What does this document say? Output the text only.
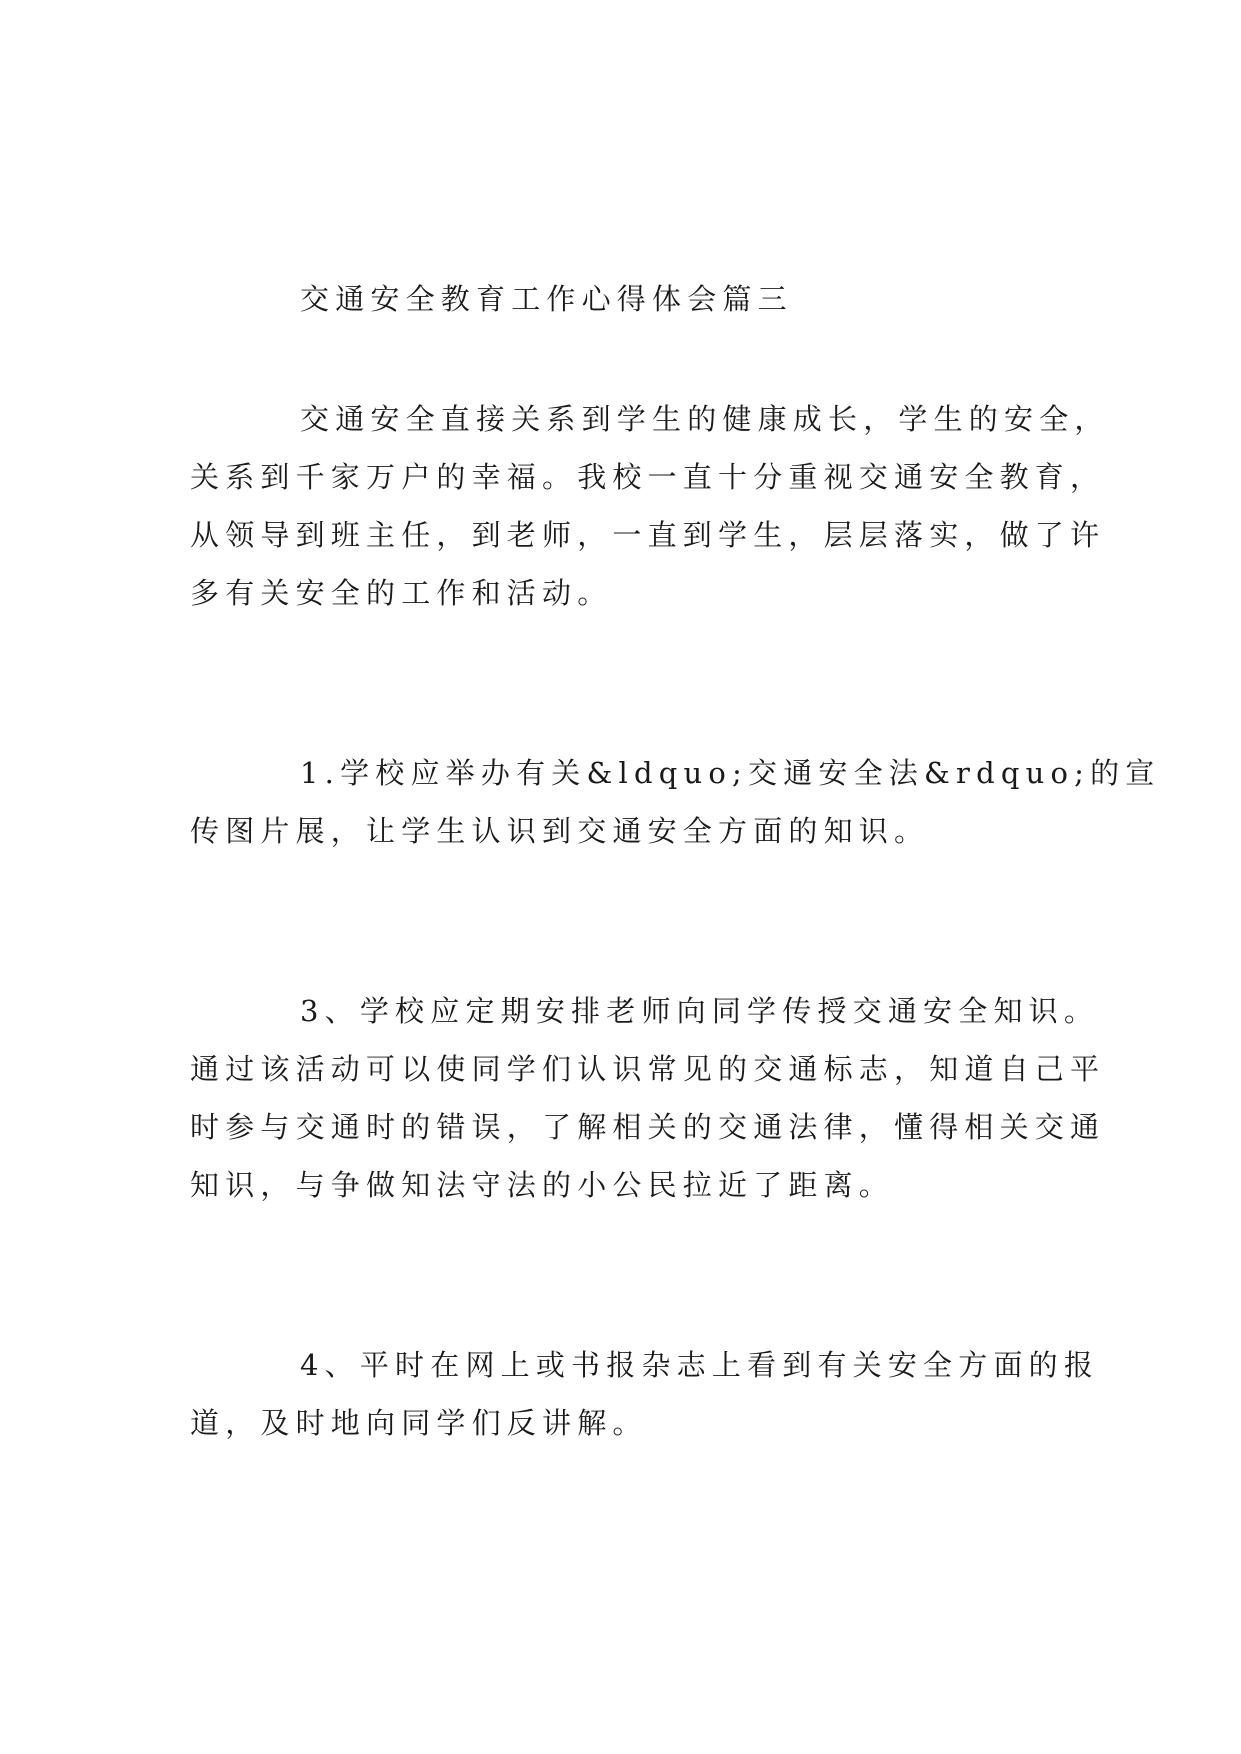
交通安全教育工作心得体会篇三
交通安全直接关系到学生的健康成长，学生的安全，
关系到千家万户的幸福。我校一直十分重视交通安全教育，
从领导到班主任，到老师，一直到学生，层层落实，做了许
多有关安全的工作和活动。
1.学校应举办有关&ldquo;交通安全法&rdquo;的宣
传图片展，让学生认识到交通安全方面的知识。
3、学校应定期安排老师向同学传授交通安全知识。
通过该活动可以使同学们认识常见的交通标志，知道自己平
时参与交通时的错误，了解相关的交通法律，懂得相关交通
知识，与争做知法守法的小公民拉近了距离。
4、平时在网上或书报杂志上看到有关安全方面的报
道，及时地向同学们反讲解。
